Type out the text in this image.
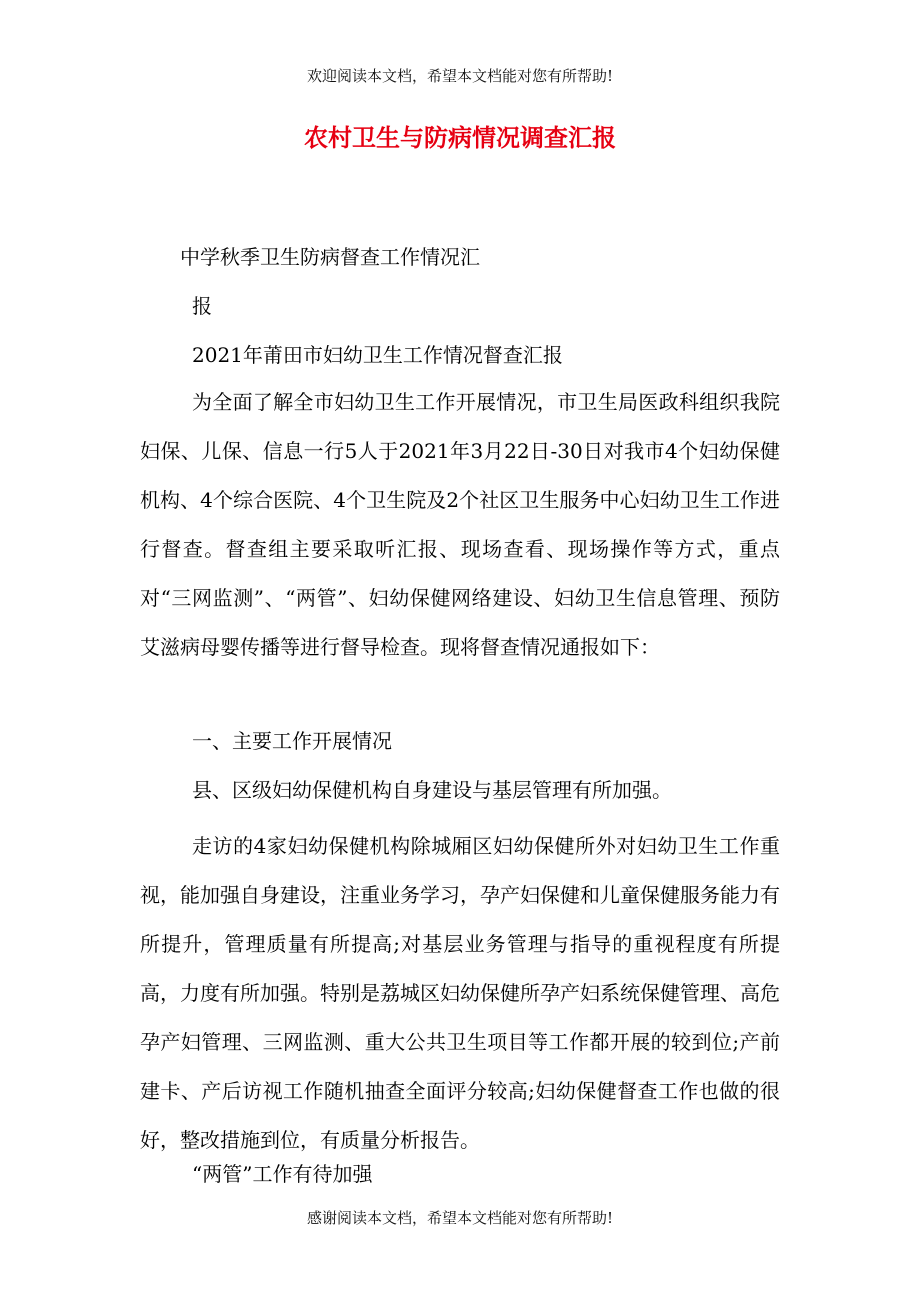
欢迎阅读本文档，希望本文档能对您有所帮助!
农村卫生与防病情况调查汇报
中学秋季卫生防病督查工作情况汇
报
2021年莆田市妇幼卫生工作情况督查汇报

为全面了解全市妇幼卫生工作开展情况，市卫生局医政科组织我院妇保、儿保、信息一行5人于2021年3月22日-30日对我市4个妇幼保健机构、4个综合医院、4个卫生院及2个社区卫生服务中心妇幼卫生工作进行督查。督查组主要采取听汇报、现场查看、现场操作等方式，重点对“三网监测”、“两管”、妇幼保健网络建设、妇幼卫生信息管理、预防艾滋病母婴传播等进行督导检查。现将督查情况通报如下：

一、主要工作开展情况
县、区级妇幼保健机构自身建设与基层管理有所加强。

走访的4家妇幼保健机构除城厢区妇幼保健所外对妇幼卫生工作重视，能加强自身建设，注重业务学习，孕产妇保健和儿童保健服务能力有所提升，管理质量有所提高;对基层业务管理与指导的重视程度有所提高，力度有所加强。特别是荔城区妇幼保健所孕产妇系统保健管理、高危孕产妇管理、三网监测、重大公共卫生项目等工作都开展的较到位;产前建卡、产后访视工作随机抽查全面评分较高;妇幼保健督查工作也做的很好，整改措施到位，有质量分析报告。

“两管”工作有待加强
感谢阅读本文档，希望本文档能对您有所帮助!
